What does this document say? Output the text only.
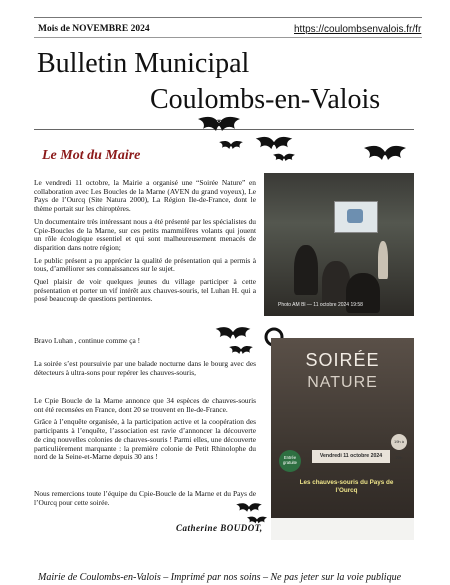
Mois de NOVEMBRE 2024	https://coulombsenvalois.fr/fr
Bulletin Municipal
Coulombs-en-Valois
Le Mot du Maire

Le vendredi 11 octobre, la Mairie a organisé une “Soirée Nature” en collaboration avec Les Boucles de la Marne (AVEN du grand voyeux), Le Pays de l’Ourcq (Site Natura 2000), La Région Ile-de-France, dont le thème portait sur les chiroptères.

Un documentaire très intéressant nous a été présenté par les spécialistes du Cpie-Boucles de la Marne, sur ces petits mammifères volants qui jouent un rôle écologique essentiel et qui sont malheureusement menacés de disparition dans notre région;

Le public présent a pu apprécier la qualité de présentation qui a permis à tous, d’améliorer ses connaissances sur le sujet.

Quel plaisir de voir quelques jeunes du village participer à cette présentation et porter un vif intérêt aux chauves-souris, tel Luhan H. qui a posé beaucoup de questions pertinentes.

Bravo Luhan , continue comme ça !

La soirée s’est poursuivie par une balade nocturne dans le bourg avec des détecteurs à ultra-sons pour repérer les chauves-souris,

Le Cpie Boucle de la Marne annonce que 34 espèces de chauves-souris ont été recensées en France, dont 20 se trouvent en Ile-de-France.

Grâce à l’enquête organisée, à la participation active et la coopération des participants à l’enquête, l’association est ravie d’annoncer la découverte de cinq nouvelles colonies de chauves-souris ! Parmi elles, une découverte particulièrement marquante : la première colonie de Petit Rhinolophe du nord de la Seine-et-Marne depuis 30 ans !

Nous remercions toute l’équipe du Cpie-Boucle de la Marne et du Pays de l’Ourcq pour cette soirée.
Photo AM Bl — 11 octobre 2024 19:58
SOIRÉE
NATURE
19h à 22h
Entrée gratuite
Vendredi 11 octobre 2024
Les chauves-souris du Pays de l’Ourcq
Catherine BOUDOT,
Mairie de Coulombs-en-Valois – Imprimé par nos soins – Ne pas jeter sur la voie publique
